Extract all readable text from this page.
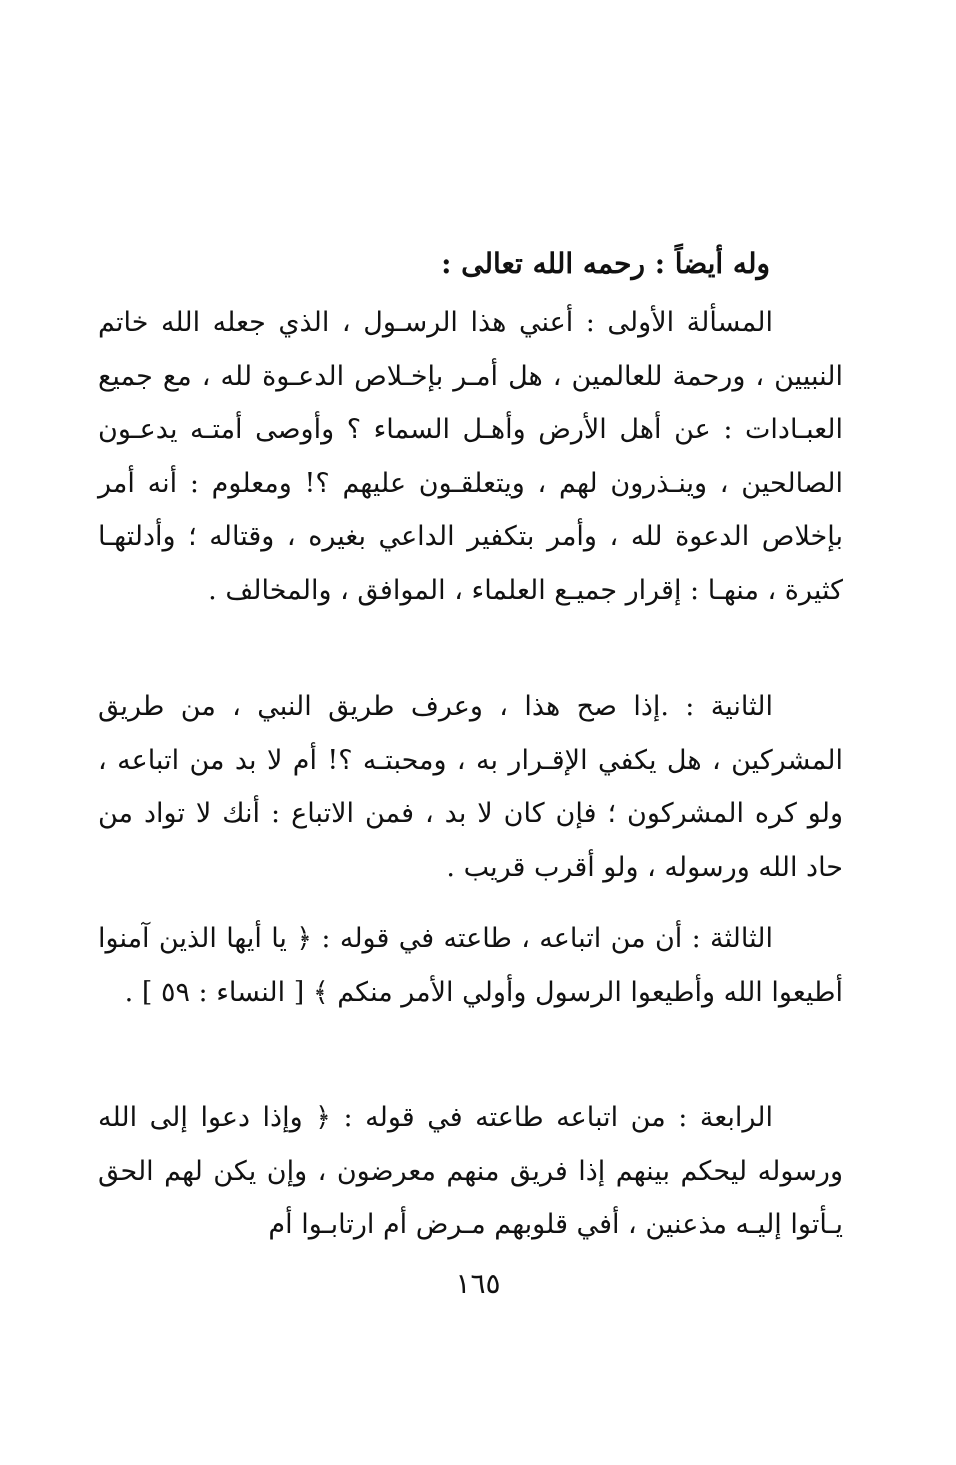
وله أيضاً : رحمه الله تعالى :

المسألة الأولى : أعني هذا الرسـول ، الذي جعله الله خاتم النبيين ، ورحمة للعالمين ، هل أمـر بإخـلاص الدعـوة لله ، مع جميع العبـادات : عن أهل الأرض وأهـل السماء ؟ وأوصى أمتـه يدعـون الصالحين ، وينـذرون لهم ، ويتعلقـون عليهم ؟! ومعلوم : أنه أمر بإخلاص الدعوة لله ، وأمر بتكفير الداعي بغيره ، وقتاله ؛ وأدلتهـا كثيرة ، منهـا : إقرار جميـع العلماء ، الموافق ، والمخالف .

الثانية : .إذا صح هذا ، وعرف طريق النبي ، من طريق المشركين ، هل يكفي الإقـرار به ، ومحبتـه ؟! أم لا بد من اتباعه ، ولو كره المشركون ؛ فإن كان لا بد ، فمن الاتباع : أنك لا تواد من حاد الله ورسوله ، ولو أقرب قريب .

الثالثة : أن من اتباعه ، طاعته في قوله : ﴿ يا أيها الذين آمنوا أطيعوا الله وأطيعوا الرسول وأولي الأمر منكم ﴾ [ النساء : ٥٩ ] .

الرابعة : من اتباعه طاعته في قوله : ﴿ وإذا دعوا إلى الله ورسوله ليحكم بينهم إذا فريق منهم معرضون ، وإن يكن لهم الحق يـأتوا إليـه مذعنين ، أفي قلوبهم مـرض أم ارتابـوا أم

١٦٥
